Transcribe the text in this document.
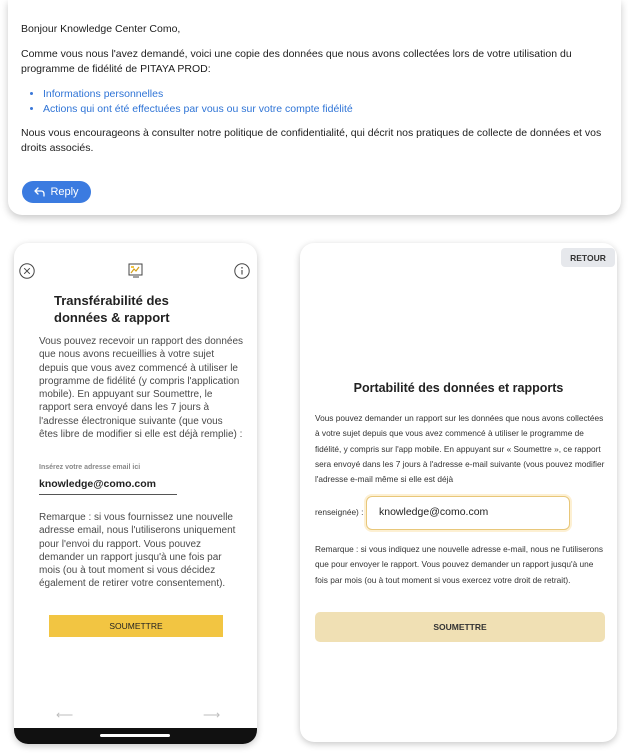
Bonjour Knowledge Center Como,

Comme vous nous l'avez demandé, voici une copie des données que nous avons collectées lors de votre utilisation du programme de fidélité de PITAYA PROD:

• Informations personnelles
• Actions qui ont été effectuées par vous ou sur votre compte fidélité

Nous vous encourageons à consulter notre politique de confidentialité, qui décrit nos pratiques de collecte de données et vos droits associés.

Reply
Transférabilité des données & rapport
Vous pouvez recevoir un rapport des données que nous avons recueillies à votre sujet depuis que vous avez commencé à utiliser le programme de fidélité (y compris l'application mobile). En appuyant sur Soumettre, le rapport sera envoyé dans les 7 jours à l'adresse électronique suivante (que vous êtes libre de modifier si elle est déjà remplie) :
Insérez votre adresse email ici
knowledge@como.com
Remarque : si vous fournissez une nouvelle adresse email, nous l'utiliserons uniquement pour l'envoi du rapport. Vous pouvez demander un rapport jusqu'à une fois par mois (ou à tout moment si vous décidez également de retirer votre consentement).
SOUMETTRE
⟵	⟶
RETOUR
Portabilité des données et rapports
Vous pouvez demander un rapport sur les données que nous avons collectées à votre sujet depuis que vous avez commencé à utiliser le programme de fidélité, y compris sur l'app mobile. En appuyant sur « Soumettre », ce rapport sera envoyé dans les 7 jours à l'adresse e-mail suivante (vous pouvez modifier l'adresse e-mail même si elle est déjà
renseignée) : knowledge@como.com
Remarque : si vous indiquez une nouvelle adresse e-mail, nous ne l'utiliserons que pour envoyer le rapport. Vous pouvez demander un rapport jusqu'à une fois par mois (ou à tout moment si vous exercez votre droit de retrait).
SOUMETTRE
